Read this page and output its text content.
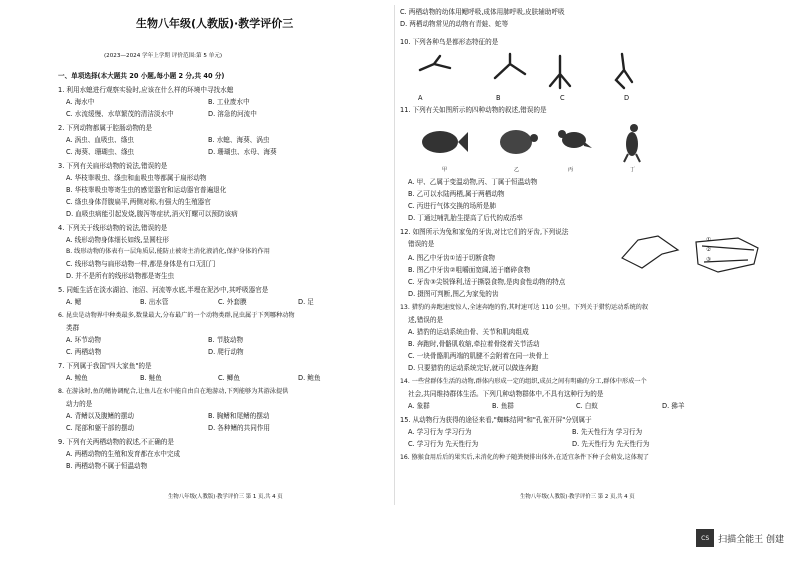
生物八年级(人教版)·教学评价三
(2023—2024 学年上学期 评价范围:第 5 单元)
一、单项选择(本大题共 20 小题,每小题 2 分,共 40 分)
1. 利用水螅进行观察实验时,应该在什么样的环境中寻找水螅
A. 海水中	B. 工业废水中
C. 水流缓慢、水草繁茂的清洁淡水中	D. 溶急的河流中
2. 下列动物都属于腔肠动物的是
A. 涡虫、血吸虫、绦虫	B. 水螅、海葵、涡虫
C. 海葵、珊瑚虫、绦虫	D. 珊瑚虫、水母、海葵
3. 下列有关扁形动物的说法,错误的是
A. 华枝睾吸虫、绦虫和血吸虫等都属于扁形动物
B. 华枝睾吸虫等寄生虫的感觉器官和运动器官普遍退化
C. 绦虫身体背腹扁平,两侧对称,有强大的生殖器官
D. 血吸虫病能引起发烧,腹泻等症状,消灭钉螺可以预防该病
4. 下列关于线形动物的说法,错误的是
A. 线形动物身体细长如线,呈圆柱形
B. 线形动物的体表有一层角质层,能防止被寄主消化液消化,保护身体的作用
C. 线形动物与扁形动物一样,都是身体是有口无肛门
D. 并不是所有的线形动物都是寄生虫
5. 同蚯生活在淡水湖泊、池沼、河流等水底,半埋在泥沙中,其呼吸器官是
A. 鳃	B. 出水管	C. 外套膜	D. 足
6. 昆虫是动物界中种类最多,数量最大,分布最广的一个动物类群,昆虫属于下列哪种动物
类群
A. 环节动物	B. 节肢动物
C. 两栖动物	D. 爬行动物
7. 下列属于我国"四大家鱼"的是
A. 鲸鱼	B. 鲢鱼	C. 鲫鱼	D. 鲍鱼
8. 在游泳时,鱼的鳍协调配合,让鱼儿在水中能自由自在地游动,下列能够为其游泳提供
动力的是
A. 背鳍以及腹鳍的摆动	B. 胸鳍和尾鳍的摆动
C. 尾部和躯干部的摆动	D. 各种鳍的共同作用
9. 下列有关两栖动物的叙述,不正确的是
A. 两栖动物的生殖和发育都在水中完成
B. 两栖动物不属于恒温动物
生物八年级(人教版)·教学评价三 第 1 页,共 4 页
C. 两栖动物的幼体用鳃呼吸,成体用肺呼吸,皮肤辅助呼吸
D. 两栖动物常见的动物有青蛙、蛇等
10. 下列各种鸟是都形态特征的是
A	B	C	D
11. 下列有关如图所示的四种动物的叙述,错误的是
甲	乙	丙	丁
A. 甲、乙属于变温动物,丙、丁属于恒温动物
B. 乙可以水陆两栖,属于两栖动物
C. 丙进行气体交换的场所是肺
D. 丁通过哺乳胎生提高了后代的成活率
12. 如图所示为兔和家兔的牙齿,对比它们的牙齿,下列说法
错误的是
A. 图乙中牙齿①适于切断食物
B. 图乙中牙齿②咀嚼面宽阔,适于磨碎食物
C. 牙齿③尖锐锋利,适于撕裂食物,是肉食性动物的特点
D. 摄图可判断,图乙为家兔的齿
①
②
③
13. 猎豹的奔跑速度惊人,全速奔跑的豹,其时速可达 110 公里。下列关于猎豹运动系统的叙
述,错误的是
A. 猎豹的运动系统由骨、关节和肌肉组成
B. 奔跑时,骨骼肌收缩,牵拉着骨绕着关节活动
C. 一块骨骼肌两端的肌腱不会附着在同一块骨上
D. 只要猎豹的运动系统完好,就可以做连奔跑
14. 一些营群体生活的动物,群体内形成一定的组织,成员之间有明确的分工,群体中形成一个
社会,共同维持群体生活。下列几种动物群体中,不具有这种行为的是
A. 象群	B. 鱼群	C. 白蚁	D. 狒羊
15. 从动物行为获得的途径来看,"蜘蛛结网"和"孔雀开屏"分别属于
A. 学习行为 学习行为	B. 先天性行为 学习行为
C. 学习行为 先天性行为	D. 先天性行为 先天性行为
16. 猕猴食用后后的果实后,未消化的种子随粪便排出体外,在适宜条件下种子会萌发,这体现了
生物八年级(人教版)·教学评价三 第 2 页,共 4 页
CS	扫描全能王 创建
